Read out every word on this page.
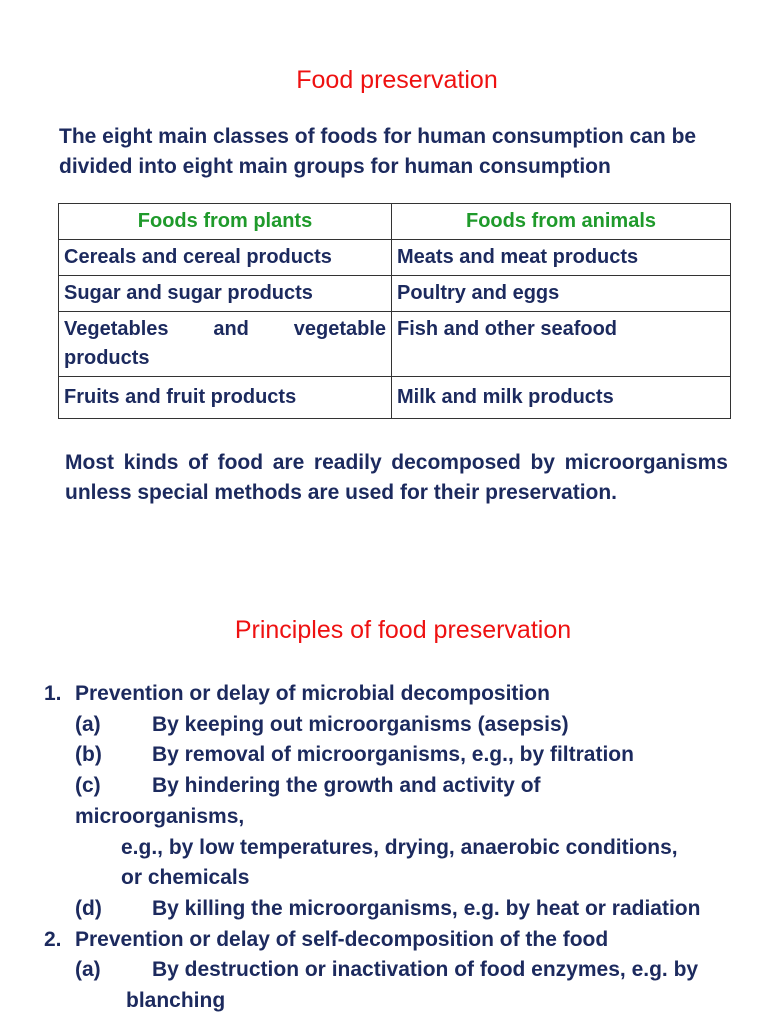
Food preservation
The eight main classes of foods for human consumption can be divided into eight main groups for human consumption
Foods from plants	Foods from animals
Cereals and cereal products	Meats and meat products
Sugar and sugar products	Poultry and eggs
Vegetables and vegetable products	Fish and other seafood
Fruits and fruit products	Milk and milk products
Most kinds of food are readily decomposed by microorganisms unless special methods are used for their preservation.
Principles of food preservation
1. Prevention or delay of microbial decomposition
(a) By keeping out microorganisms (asepsis)
(b) By removal of microorganisms, e.g., by filtration
(c) By hindering the growth and activity of
microorganisms,
e.g., by low temperatures, drying, anaerobic conditions,
or chemicals
(d) By killing the microorganisms, e.g. by heat or radiation
2. Prevention or delay of self-decomposition of the food
(a) By destruction or inactivation of food enzymes, e.g. by
blanching
